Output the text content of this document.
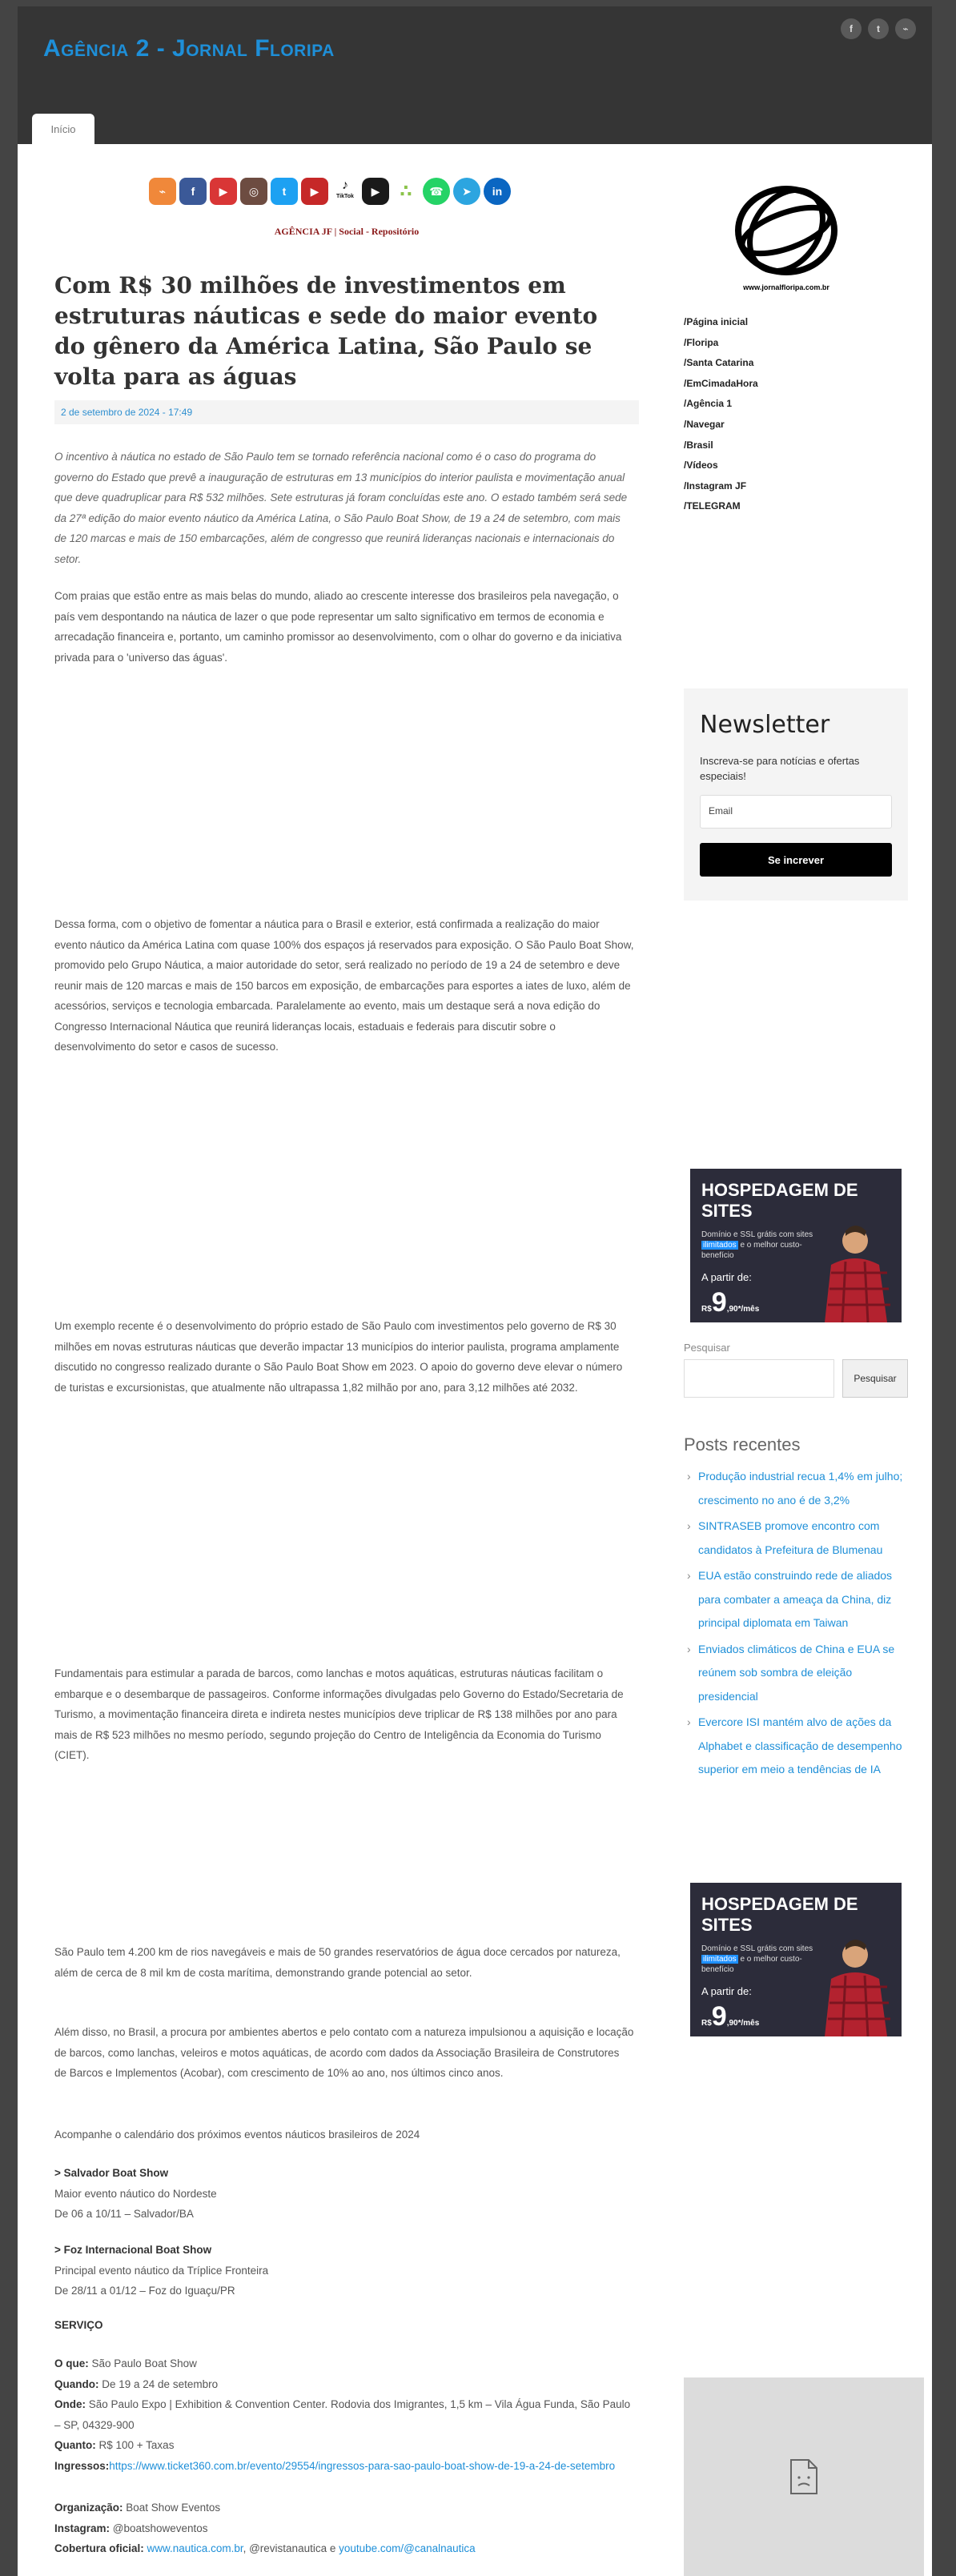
Agência 2 - Jornal Floripa
f	t	⌁
Início
⌁	f	▶	◎	t	▶	♪
TikTok	▶	∴	☎	➤	in
AGÊNCIA JF | Social - Repositório
Com R$ 30 milhões de investimentos em estruturas náuticas e sede do maior evento do gênero da América Latina, São Paulo se volta para as águas
2 de setembro de 2024 - 17:49

O incentivo à náutica no estado de São Paulo tem se tornado referência nacional como é o caso do programa do governo do Estado que prevê a inauguração de estruturas em 13 municípios do interior paulista e movimentação anual que deve quadruplicar para R$ 532 milhões. Sete estruturas já foram concluídas este ano. O estado também será sede da 27ª edição do maior evento náutico da América Latina, o São Paulo Boat Show, de 19 a 24 de setembro, com mais de 120 marcas e mais de 150 embarcações, além de congresso que reunirá lideranças nacionais e internacionais do setor.

Com praias que estão entre as mais belas do mundo, aliado ao crescente interesse dos brasileiros pela navegação, o país vem despontando na náutica de lazer o que pode representar um salto significativo em termos de economia e arrecadação financeira e, portanto, um caminho promissor ao desenvolvimento, com o olhar do governo e da iniciativa privada para o 'universo das águas'.

Dessa forma, com o objetivo de fomentar a náutica para o Brasil e exterior, está confirmada a realização do maior evento náutico da América Latina com quase 100% dos espaços já reservados para exposição. O São Paulo Boat Show, promovido pelo Grupo Náutica, a maior autoridade do setor, será realizado no período de 19 a 24 de setembro e deve reunir mais de 120 marcas e mais de 150 barcos em exposição, de embarcações para esportes a iates de luxo, além de acessórios, serviços e tecnologia embarcada. Paralelamente ao evento, mais um destaque será a nova edição do Congresso Internacional Náutica que reunirá lideranças locais, estaduais e federais para discutir sobre o desenvolvimento do setor e casos de sucesso.

Um exemplo recente é o desenvolvimento do próprio estado de São Paulo com investimentos pelo governo de R$ 30 milhões em novas estruturas náuticas que deverão impactar 13 municípios do interior paulista, programa amplamente discutido no congresso realizado durante o São Paulo Boat Show em 2023. O apoio do governo deve elevar o número de turistas e excursionistas, que atualmente não ultrapassa 1,82 milhão por ano, para 3,12 milhões até 2032.

Fundamentais para estimular a parada de barcos, como lanchas e motos aquáticas, estruturas náuticas facilitam o embarque e o desembarque de passageiros. Conforme informações divulgadas pelo Governo do Estado/Secretaria de Turismo, a movimentação financeira direta e indireta nestes municípios deve triplicar de R$ 138 milhões por ano para mais de R$ 523 milhões no mesmo período, segundo projeção do Centro de Inteligência da Economia do Turismo (CIET).

São Paulo tem 4.200 km de rios navegáveis e mais de 50 grandes reservatórios de água doce cercados por natureza, além de cerca de 8 mil km de costa marítima, demonstrando grande potencial ao setor.

Além disso, no Brasil, a procura por ambientes abertos e pelo contato com a natureza impulsionou a aquisição e locação de barcos, como lanchas, veleiros e motos aquáticas, de acordo com dados da Associação Brasileira de Construtores de Barcos e Implementos (Acobar), com crescimento de 10% ao ano, nos últimos cinco anos.

Acompanhe o calendário dos próximos eventos náuticos brasileiros de 2024

> Salvador Boat Show
Maior evento náutico do Nordeste
De 06 a 10/11 – Salvador/BA
> Foz Internacional Boat Show
Principal evento náutico da Tríplice Fronteira
De 28/11 a 01/12 – Foz do Iguaçu/PR
SERVIÇO
O que: São Paulo Boat Show
Quando: De 19 a 24 de setembro
Onde: São Paulo Expo | Exhibition & Convention Center. Rodovia dos Imigrantes, 1,5 km – Vila Água Funda, São Paulo – SP, 04329-900
Quanto: R$ 100 + Taxas
Ingressos:https://www.ticket360.com.br/evento/29554/ingressos-para-sao-paulo-boat-show-de-19-a-24-de-setembro
Organização: Boat Show Eventos
Instagram: @boatshoweventos
Cobertura oficial: www.nautica.com.br, @revistanautica e youtube.com/@canalnautica
www.jornalfloripa.com.br
/Página inicial
/Floripa
/Santa Catarina
/EmCimadaHora
/Agência 1
/Navegar
/Brasil
/Vídeos
/Instagram JF
/TELEGRAM
Newsletter
Inscreva-se para notícias e ofertas especiais!
Email
Se increver
HOSPEDAGEM DE SITES
Domínio e SSL grátis com sites ilimitados e o melhor custo-benefício
A partir de:
R$9,90*/mês
Pesquisar
Pesquisar
Posts recentes
› Produção industrial recua 1,4% em julho; crescimento no ano é de 3,2%
› SINTRASEB promove encontro com candidatos à Prefeitura de Blumenau
› EUA estão construindo rede de aliados para combater a ameaça da China, diz principal diplomata em Taiwan
› Enviados climáticos de China e EUA se reúnem sob sombra de eleição presidencial
› Evercore ISI mantém alvo de ações da Alphabet e classificação de desempenho superior em meio a tendências de IA
HOSPEDAGEM DE SITES
Domínio e SSL grátis com sites ilimitados e o melhor custo-benefício
A partir de:
R$9,90*/mês
